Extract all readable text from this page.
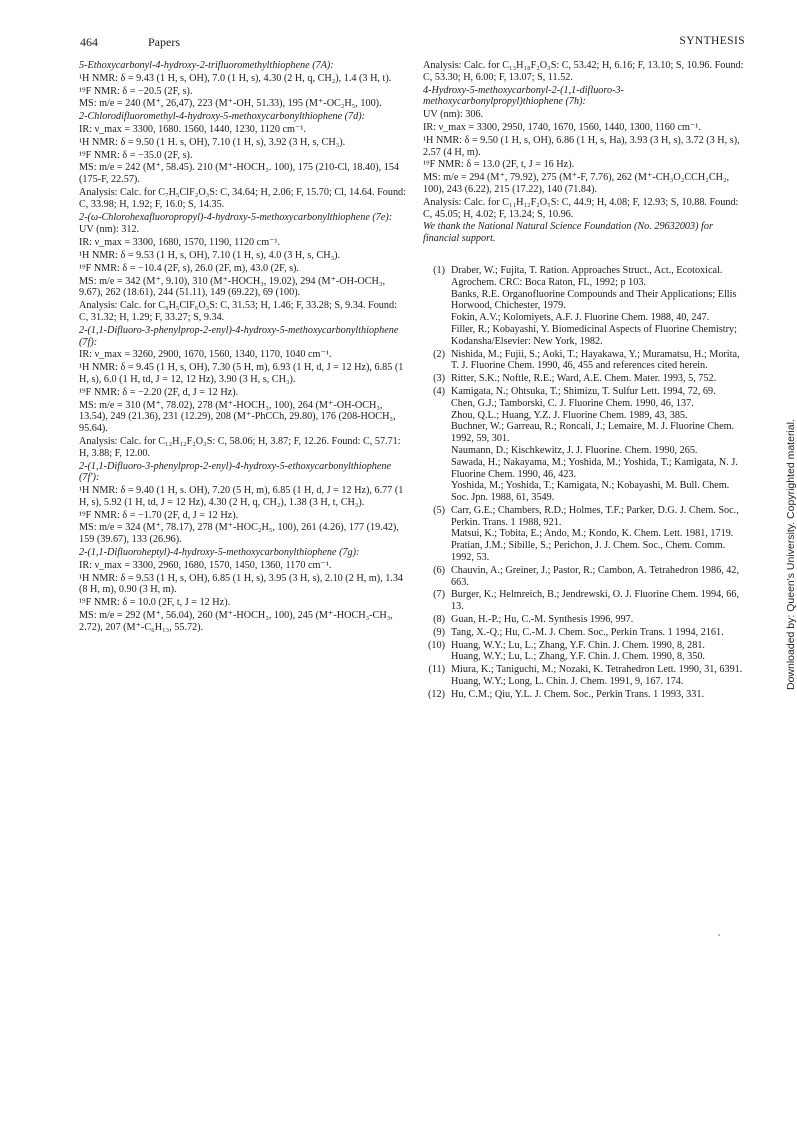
464	Papers	SYNTHESIS
5-Ethoxycarbonyl-4-hydroxy-2-trifluoromethylthiophene (7A):
¹H NMR: δ = 9.43 (1 H, s, OH), 7.0 (1 H, s), 4.30 (2 H, q, CH₂), 1.4 (3 H, t).
¹⁹F NMR: δ = −20.5 (2F, s).
MS: m/e = 240 (M⁺, 26,47), 223 (M⁺-OH, 51.33), 195 (M⁺-OC₂H₅, 100).
2-Chlorodifluoromethyl-4-hydroxy-5-methoxycarbonylthiophene (7d):
IR: ν_max = 3300, 1680. 1560, 1440, 1230, 1120 cm⁻¹.
¹H NMR: δ = 9.50 (1 H. s, OH), 7.10 (1 H, s), 3.92 (3 H, s, CH₃).
¹⁹F NMR: δ = −35.0 (2F, s).
MS: m/e = 242 (M⁺, 58.45). 210 (M⁺-HOCH₃. 100), 175 (210-Cl, 18.40), 154 (175-F, 22.57).
Analysis: Calc. for C₇H₅ClF₂O₃S: C, 34.64; H, 2.06; F, 15.70; Cl, 14.64. Found: C, 33.98; H, 1.92; F, 16.0; S, 14.35.
2-(ω-Chlorohexafluoropropyl)-4-hydroxy-5-methoxycarbonylthiophene (7e):
UV (nm): 312.
IR: ν_max = 3300, 1680, 1570, 1190, 1120 cm⁻¹.
¹H NMR: δ = 9.53 (1 H, s, OH), 7.10 (1 H, s), 4.0 (3 H, s, CH₃).
¹⁹F NMR: δ = −10.4 (2F, s), 26.0 (2F, m), 43.0 (2F, s).
MS: m/e = 342 (M⁺, 9.10), 310 (M⁺-HOCH₃, 19.02), 294 (M⁺-OH-OCH₃, 9.67), 262 (18.61), 244 (51.11), 149 (69.22), 69 (100).
Analysis: Calc. for C₉H₅ClF₆O₃S: C, 31.53; H, 1.46; F, 33.28; S, 9.34. Found: C, 31.32; H, 1.29; F, 33.27; S, 9.34.
2-(1,1-Difluoro-3-phenylprop-2-enyl)-4-hydroxy-5-methoxycarbonylthiophene (7f):
IR: ν_max = 3260, 2900, 1670, 1560, 1340, 1170, 1040 cm⁻¹.
¹H NMR: δ = 9.45 (1 H, s, OH), 7.30 (5 H, m), 6.93 (1 H, d, J = 12 Hz), 6.85 (1 H, s), 6.0 (1 H, td, J = 12, 12 Hz), 3.90 (3 H, s, CH₃).
¹⁹F NMR: δ = −2.20 (2F, d, J = 12 Hz).
MS: m/e = 310 (M⁺, 78.02), 278 (M⁺-HOCH₃, 100), 264 (M⁺-OH-OCH₃, 13.54), 249 (21.36), 231 (12.29), 208 (M⁺-PhCCh, 29.80), 176 (208-HOCH₃, 95.64).
Analysis: Calc. for C₁₂H₁₂F₂O₃S: C, 58.06; H, 3.87; F, 12.26. Found: C, 57.71: H, 3.88; F, 12.00.
2-(1,1-Difluoro-3-phenylprop-2-enyl)-4-hydroxy-5-ethoxycarbonylthiophene (7f′):
¹H NMR: δ = 9.40 (1 H, s. OH), 7.20 (5 H, m), 6.85 (1 H, d, J = 12 Hz), 6.77 (1 H, s), 5.92 (1 H, td, J = 12 Hz), 4.30 (2 H, q, CH₂), 1.38 (3 H, t, CH₃).
¹⁹F NMR: δ = −1.70 (2F, d, J = 12 Hz).
MS: m/e = 324 (M⁺, 78.17), 278 (M⁺-HOC₂H₅, 100), 261 (4.26), 177 (19.42), 159 (39.67), 133 (26.96).
2-(1,1-Difluoroheptyl)-4-hydroxy-5-methoxycarbonylthiophene (7g):
IR: ν_max = 3300, 2960, 1680, 1570, 1450, 1360, 1170 cm⁻¹.
¹H NMR: δ = 9.53 (1 H, s, OH), 6.85 (1 H, s), 3.95 (3 H, s), 2.10 (2 H, m), 1.34 (8 H, m), 0.90 (3 H, m).
¹⁹F NMR: δ = 10.0 (2F, t, J = 12 Hz).
MS: m/e = 292 (M⁺, 56.04), 260 (M⁺-HOCH₃, 100), 245 (M⁺-HOCH₃-CH₃, 2.72), 207 (M⁺-C₆H₁₃, 55.72).
Analysis: Calc. for C₁₃H₁₈F₂O₃S: C, 53.42; H, 6.16; F, 13.10; S, 10.96. Found: C, 53.30; H, 6.00; F, 13.07; S, 11.52.
4-Hydroxy-5-methoxycarbonyl-2-(1,1-difluoro-3-methoxycarbonylpropyl)thiophene (7h):
UV (nm): 306.
IR: ν_max = 3300, 2950, 1740, 1670, 1560, 1440, 1300, 1160 cm⁻¹.
¹H NMR: δ = 9.50 (1 H, s, OH), 6.86 (1 H, s, Ha), 3.93 (3 H, s), 3.72 (3 H, s), 2.57 (4 H, m).
¹⁹F NMR: δ = 13.0 (2F, t, J = 16 Hz).
MS: m/e = 294 (M⁺, 79.92), 275 (M⁺-F, 7.76), 262 (M⁺-CH₃O₂CCH₂CH₂, 100), 243 (6.22), 215 (17.22), 140 (71.84).
Analysis: Calc. for C₁₁H₁₂F₂O₅S: C, 44.9; H, 4.08; F, 12.93; S, 10.88. Found: C, 45.05; H, 4.02; F, 13.24; S, 10.96.
We thank the National Natural Science Foundation (No. 29632003) for financial support.
(1) Draber, W.; Fujita, T. Ration. Approaches Struct., Act., Ecotoxical. Agrochem. CRC: Boca Raton, FL, 1992; p 103.
Banks, R.E. Organofluorine Compounds and Their Applications; Ellis Horwood, Chichester, 1979.
Fokin, A.V.; Kolomiyets, A.F. J. Fluorine Chem. 1988, 40, 247.
Filler, R.; Kobayashi, Y. Biomedicinal Aspects of Fluorine Chemistry; Kodansha/Elsevier: New York, 1982.
(2) Nishida, M.; Fujii, S.; Aoki, T.; Hayakawa, Y.; Muramatsu, H.; Morita, T. J. Fluorine Chem. 1990, 46, 455 and references cited herein.
(3) Ritter, S.K.; Noftle, R.E.; Ward, A.E. Chem. Mater. 1993, 5, 752.
(4) Kamigata, N.; Ohtsuka, T.; Shimizu, T. Sulfur Lett. 1994, 72, 69.
Chen, G.J.; Tamborski, C. J. Fluorine Chem. 1990, 46, 137.
Zhou, Q.L.; Huang, Y.Z. J. Fluorine Chem. 1989, 43, 385.
Buchner, W.; Garreau, R.; Roncali, J.; Lemaire, M. J. Fluorine Chem. 1992, 59, 301.
Naumann, D.; Kischkewitz, J. J. Fluorine. Chem. 1990, 265.
Sawada, H.; Nakayama, M.; Yoshida, M.; Yoshida, T.; Kamigata, N. J. Fluorine Chem. 1990, 46, 423.
Yoshida, M.; Yoshida, T.; Kamigata, N.; Kobayashi, M. Bull. Chem. Soc. Jpn. 1988, 61, 3549.
(5) Carr, G.E.; Chambers, R.D.; Holmes, T.F.; Parker, D.G. J. Chem. Soc., Perkin. Trans. 1 1988, 921.
Matsui, K.; Tobita, E.; Ando, M.; Kondo, K. Chem. Lett. 1981, 1719.
Pratian, J.M.; Sibille, S.; Perichon, J. J. Chem. Soc., Chem. Comm. 1992, 53.
(6) Chauvin, A.; Greiner, J.; Pastor, R.; Cambon, A. Tetrahedron 1986, 42, 663.
(7) Burger, K.; Helmreich, B.; Jendrewski, O. J. Fluorine Chem. 1994, 66, 13.
(8) Guan, H.-P.; Hu, C.-M. Synthesis 1996, 997.
(9) Tang, X.-Q.; Hu, C.-M. J. Chem. Soc., Perkin Trans. 1 1994, 2161.
(10) Huang, W.Y.; Lu, L.; Zhang, Y.F. Chin. J. Chem. 1990, 8, 281.
Huang, W.Y.; Lu, L.; Zhang, Y.F. Chin. J. Chem. 1990, 8, 350.
(11) Miura, K.; Taniguchi, M.; Nozaki, K. Tetrahedron Lett. 1990, 31, 6391.
Huang, W.Y.; Long, L. Chin. J. Chem. 1991, 9, 167. 174.
(12) Hu, C.M.; Qiu, Y.L. J. Chem. Soc., Perkin Trans. 1 1993, 331.
Downloaded by: Queen's University. Copyrighted material.
